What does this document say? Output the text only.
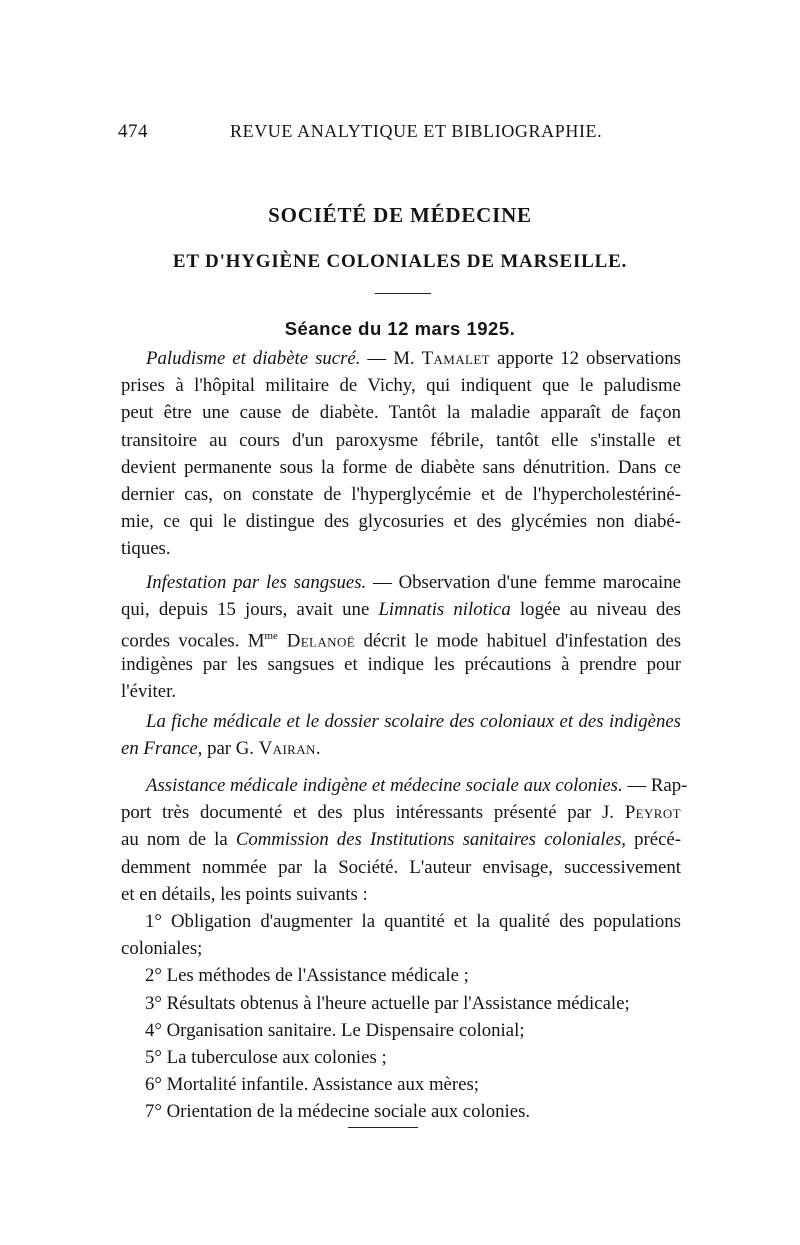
474	REVUE ANALYTIQUE ET BIBLIOGRAPHIE.
SOCIÉTÉ DE MÉDECINE
ET D'HYGIÈNE COLONIALES DE MARSEILLE.
Séance du 12 mars 1925.
Paludisme et diabète sucré. — M. Tamalet apporte 12 observations
prises à l'hôpital militaire de Vichy, qui indiquent que le paludisme
peut être une cause de diabète. Tantôt la maladie apparaît de façon
transitoire au cours d'un paroxysme fébrile, tantôt elle s'installe et
devient permanente sous la forme de diabète sans dénutrition. Dans ce
dernier cas, on constate de l'hyperglycémie et de l'hypercholestériné-
mie, ce qui le distingue des glycosuries et des glycémies non diabé-
tiques.
Infestation par les sangsues. — Observation d'une femme marocaine
qui, depuis 15 jours, avait une Limnatis nilotica logée au niveau des
cordes vocales. $M^{me}$ Delanoë décrit le mode habituel d'infestation des
indigènes par les sangsues et indique les précautions à prendre pour
l'éviter.
La fiche médicale et le dossier scolaire des coloniaux et des indigènes
en France, par G. Vairan.
Assistance médicale indigène et médecine sociale aux colonies. — Rap-
port très documenté et des plus intéressants présenté par J. Peyrot
au nom de la Commission des Institutions sanitaires coloniales, précé-
demment nommée par la Société. L'auteur envisage, successivement
et en détails, les points suivants :
1° Obligation d'augmenter la quantité et la qualité des populations
coloniales;
2° Les méthodes de l'Assistance médicale ;
3° Résultats obtenus à l'heure actuelle par l'Assistance médicale;
4° Organisation sanitaire. Le Dispensaire colonial;
5° La tuberculose aux colonies ;
6° Mortalité infantile. Assistance aux mères;
7° Orientation de la médecine sociale aux colonies.
